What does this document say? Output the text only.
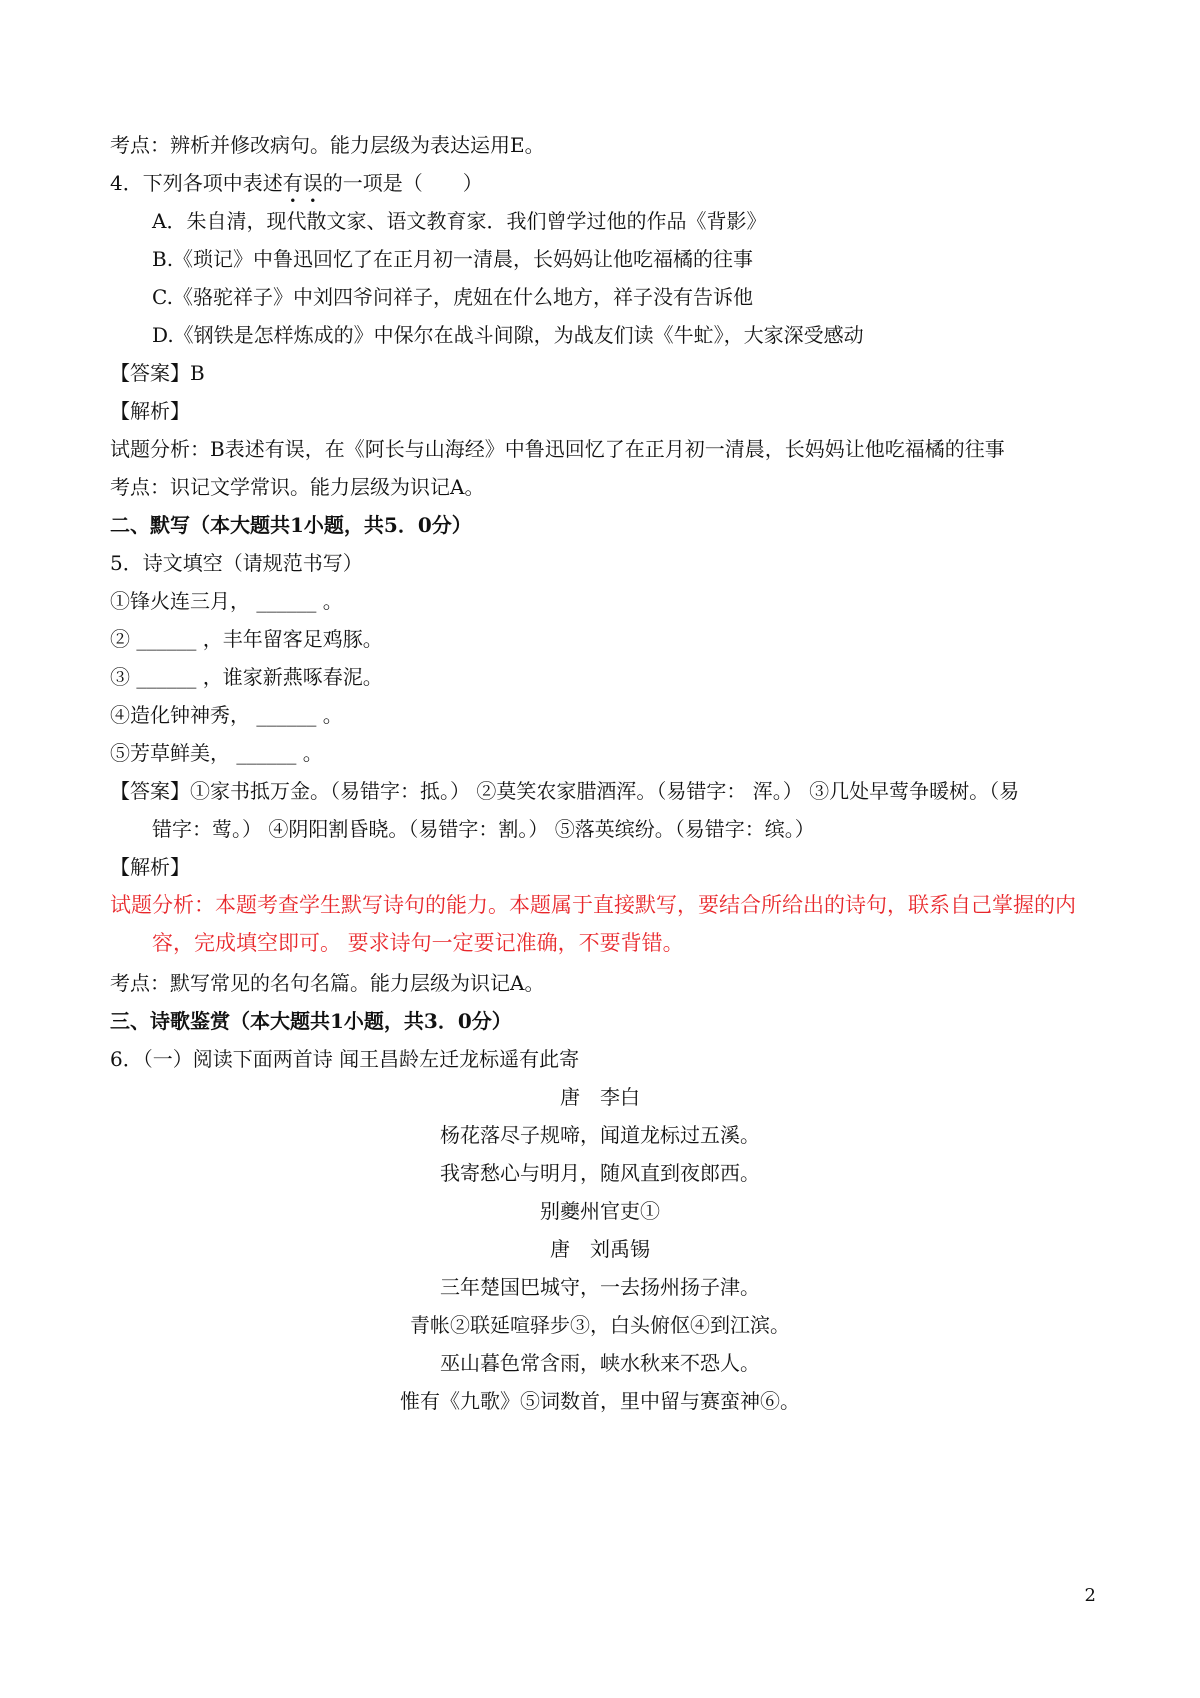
考点：辨析并修改病句。能力层级为表达运用E。
4．下列各项中表述有误的一项是（　　）
A．朱自清，现代散文家、语文教育家．我们曾学过他的作品《背影》
B.《琐记》中鲁迅回忆了在正月初一清晨，长妈妈让他吃福橘的往事
C.《骆驼祥子》中刘四爷问祥子，虎妞在什么地方，祥子没有告诉他
D.《钢铁是怎样炼成的》中保尔在战斗间隙，为战友们读《牛虻》，大家深受感动
【答案】B
【解析】
试题分析：B表述有误，在《阿长与山海经》中鲁迅回忆了在正月初一清晨，长妈妈让他吃福橘的往事
考点：识记文学常识。能力层级为识记A。
二、默写（本大题共1小题，共5．0分）
5．诗文填空（请规范书写）
①锋火连三月， ______ 。
② ______ ，丰年留客足鸡豚。
③ ______ ，谁家新燕啄春泥。
④造化钟神秀， ______ 。
⑤芳草鲜美， ______ 。
【答案】①家书抵万金。（易错字：抵。） ②莫笑农家腊酒浑。（易错字： 浑。） ③几处早莺争暖树。（易
错字：莺。） ④阴阳割昏晓。（易错字：割。） ⑤落英缤纷。（易错字：缤。）
【解析】
试题分析：本题考查学生默写诗句的能力。本题属于直接默写，要结合所给出的诗句，联系自己掌握的内
容，完成填空即可。 要求诗句一定要记准确，不要背错。
考点：默写常见的名句名篇。能力层级为识记A。
三、诗歌鉴赏（本大题共1小题，共3．0分）
6．（一）阅读下面两首诗 闻王昌龄左迁龙标遥有此寄
唐　李白
杨花落尽子规啼，闻道龙标过五溪。
我寄愁心与明月，随风直到夜郎西。
别夔州官吏①
唐　刘禹锡
三年楚国巴城守，一去扬州扬子津。
青帐②联延喧驿步③，白头俯伛④到江滨。
巫山暮色常含雨，峡水秋来不恐人。
惟有《九歌》⑤词数首，里中留与赛蛮神⑥。
2
